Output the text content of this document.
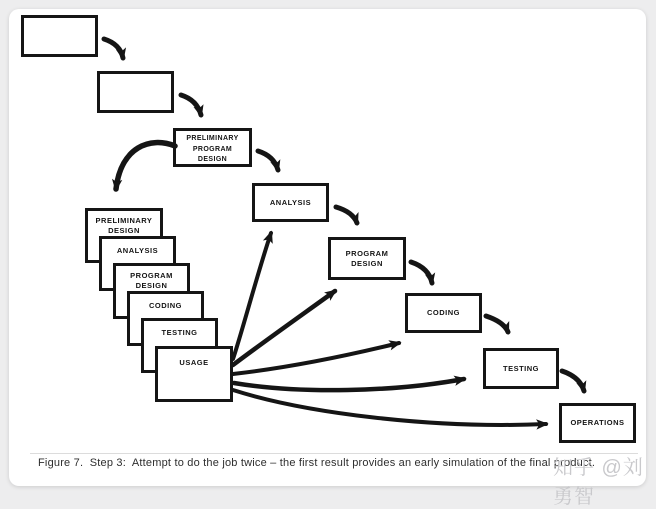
PRELIMINARY
PROGRAM
DESIGN
PRELIMINARY
DESIGN
ANALYSIS
PROGRAM
DESIGN
CODING
TESTING
USAGE
ANALYSIS
PROGRAM
DESIGN
CODING
TESTING
OPERATIONS
Figure 7.  Step 3:  Attempt to do the job twice – the first result provides an early simulation of the final product.
知乎 @刘勇智
